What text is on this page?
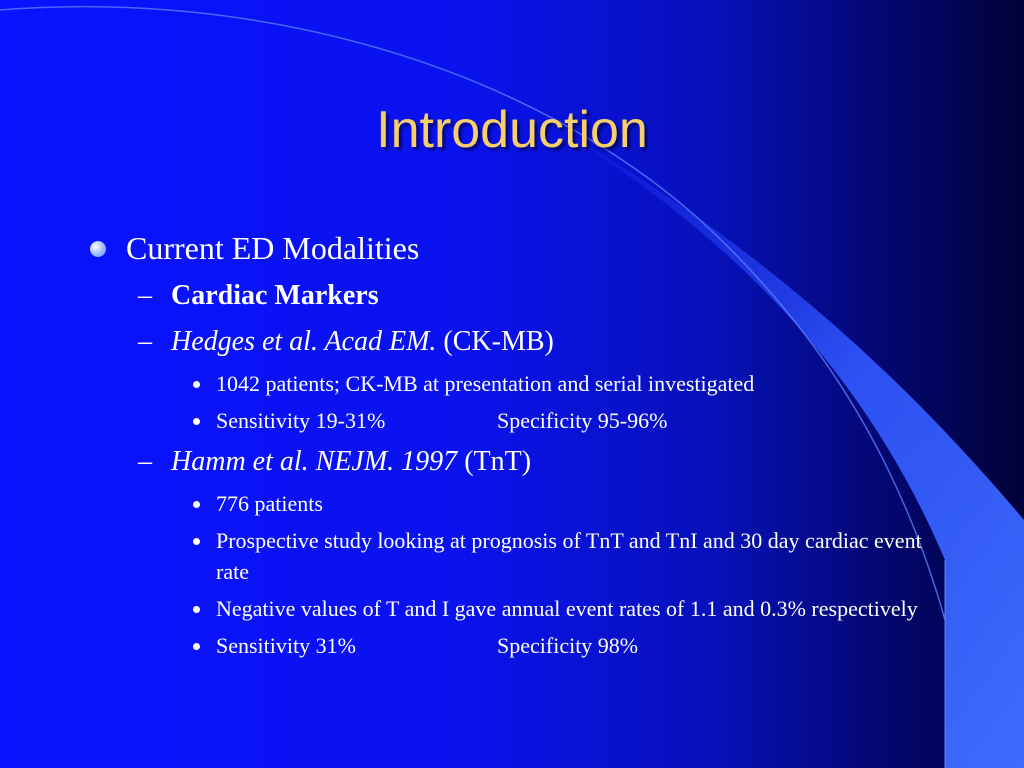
Introduction
Current ED Modalities
– Cardiac Markers
– Hedges et al. Acad EM. (CK-MB)
1042 patients; CK-MB at presentation and serial investigated
Sensitivity 19-31%	Specificity 95-96%
– Hamm et al. NEJM. 1997 (TnT)
776 patients
Prospective study looking at prognosis of TnT and TnI and 30 day cardiac event rate
Negative values of T and I gave annual event rates of 1.1 and 0.3% respectively
Sensitivity 31%	Specificity 98%
